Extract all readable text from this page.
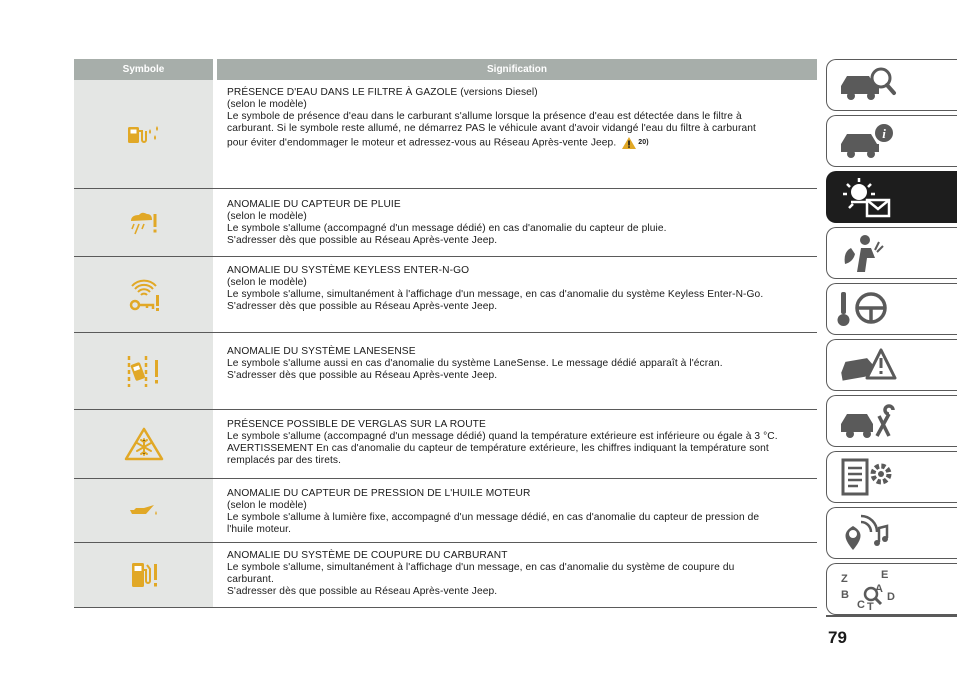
Symbole	Signification
PRÉSENCE D'EAU DANS LE FILTRE À GAZOLE (versions Diesel)
(selon le modèle)
Le symbole de présence d'eau dans le carburant s'allume lorsque la présence d'eau est détectée dans le filtre à
carburant. Si le symbole reste allumé, ne démarrez PAS le véhicule avant d'avoir vidangé l'eau du filtre à carburant
pour éviter d'endommager le moteur et adressez-vous au Réseau Après-vente Jeep.	20)
ANOMALIE DU CAPTEUR DE PLUIE
(selon le modèle)
Le symbole s'allume (accompagné d'un message dédié) en cas d'anomalie du capteur de pluie.
S'adresser dès que possible au Réseau Après-vente Jeep.
ANOMALIE DU SYSTÈME KEYLESS ENTER-N-GO
(selon le modèle)
Le symbole s'allume, simultanément à l'affichage d'un message, en cas d'anomalie du système Keyless Enter-N-Go.
S'adresser dès que possible au Réseau Après-vente Jeep.
ANOMALIE DU SYSTÈME LANESENSE
Le symbole s'allume aussi en cas d'anomalie du système LaneSense. Le message dédié apparaît à l'écran.
S'adresser dès que possible au Réseau Après-vente Jeep.
PRÉSENCE POSSIBLE DE VERGLAS SUR LA ROUTE
Le symbole s'allume (accompagné d'un message dédié) quand la température extérieure est inférieure ou égale à 3 °C.
AVERTISSEMENT En cas d'anomalie du capteur de température extérieure, les chiffres indiquant la température sont
remplacés par des tirets.
ANOMALIE DU CAPTEUR DE PRESSION DE L'HUILE MOTEUR
(selon le modèle)
Le symbole s'allume à lumière fixe, accompagné d'un message dédié, en cas d'anomalie du capteur de pression de
l'huile moteur.
ANOMALIE DU SYSTÈME DE COUPURE DU CARBURANT
Le symbole s'allume, simultanément à l'affichage d'un message, en cas d'anomalie du système de coupure du
carburant.
S'adresser dès que possible au Réseau Après-vente Jeep.
i
Z	E
B A
C
D
T
79
